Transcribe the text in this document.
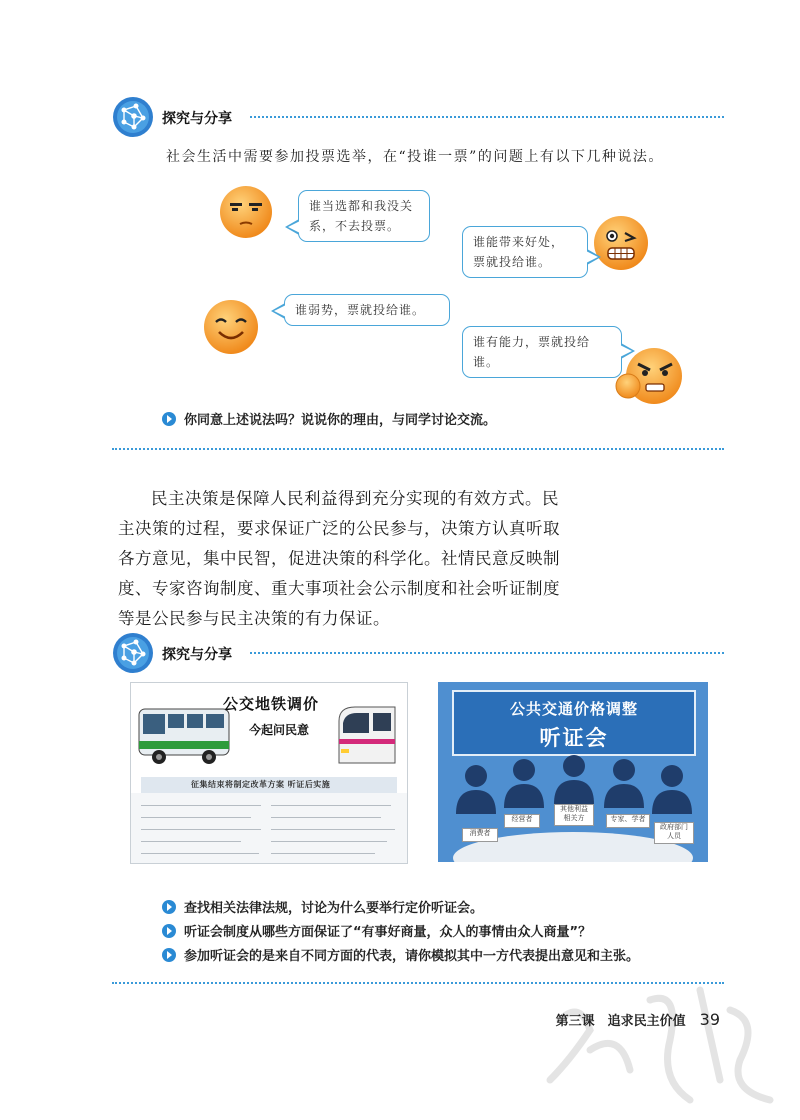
探究与分享
社会生活中需要参加投票选举，在“投谁一票”的问题上有以下几种说法。
谁当选都和我没关
系，不去投票。
谁能带来好处，
票就投给谁。
谁弱势，票就投给谁。
谁有能力，票就投给谁。
你同意上述说法吗？说说你的理由，与同学讨论交流。

民主决策是保障人民利益得到充分实现的有效方式。民

主决策的过程，要求保证广泛的公民参与，决策方认真听取

各方意见，集中民智，促进决策的科学化。社情民意反映制

度、专家咨询制度、重大事项社会公示制度和社会听证制度

等是公民参与民主决策的有力保证。

探究与分享
公交地铁调价
今起问民意
征集结束将制定改革方案 听证后实施
公共交通价格调整
听证会
消费者
经营者
其他利益
相关方	专家、学者
政府部门
人员
查找相关法律法规，讨论为什么要举行定价听证会。
听证会制度从哪些方面保证了“有事好商量，众人的事情由众人商量”？
参加听证会的是来自不同方面的代表，请你模拟其中一方代表提出意见和主张。
第三课　追求民主价值 39
